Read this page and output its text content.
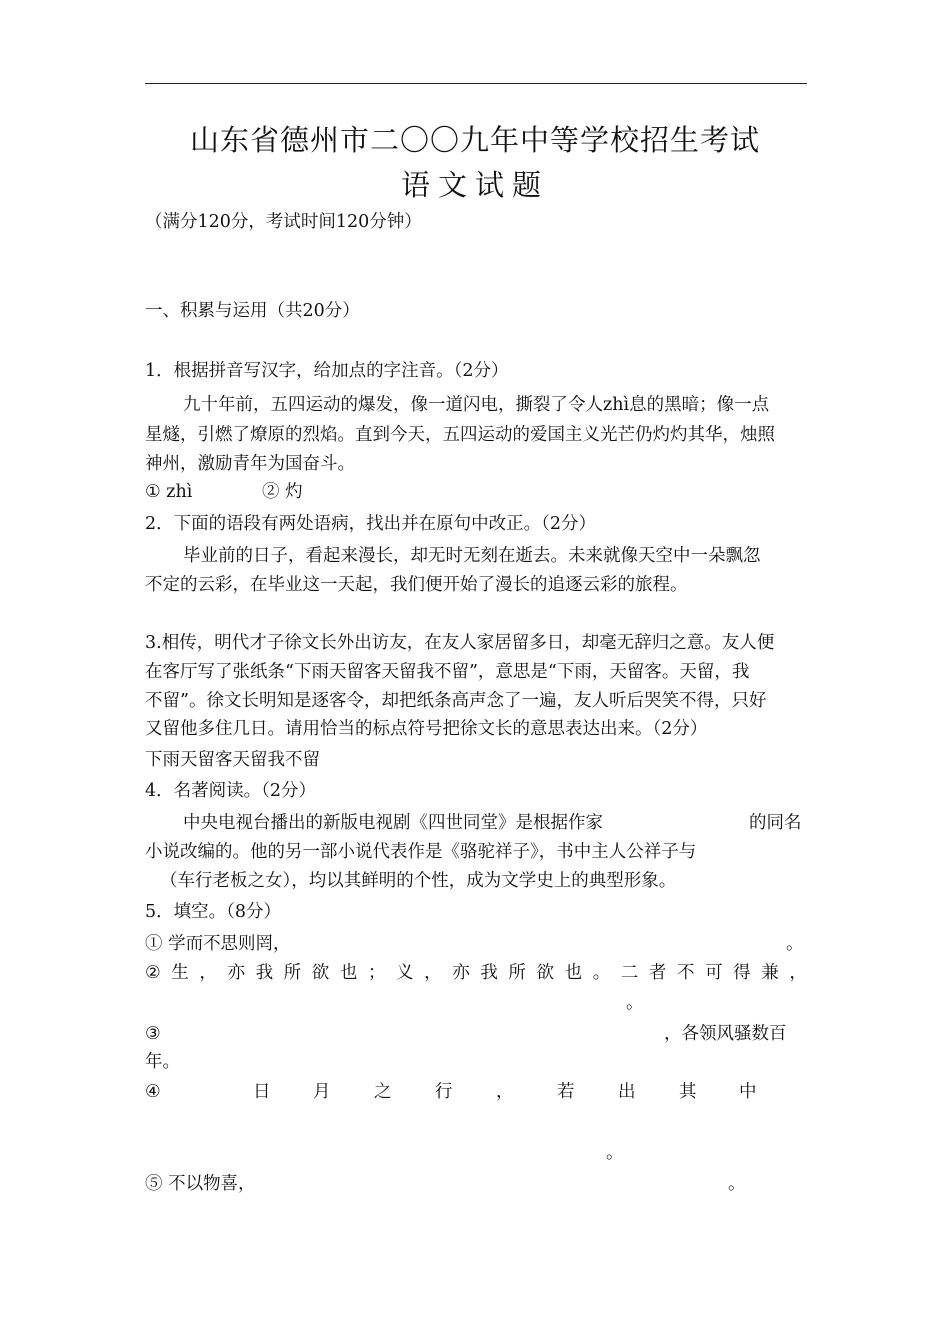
山东省德州市二〇〇九年中等学校招生考试
语文试题
（满分120分，考试时间120分钟）
一、积累与运用（共20分）
1．根据拼音写汉字，给加点的字注音。（2分）
九十年前，五四运动的爆发，像一道闪电，撕裂了令人zhì息的黑暗；像一点
星燧，引燃了燎原的烈焰。直到今天，五四运动的爱国主义光芒仍灼灼其华，烛照
神州，激励青年为国奋斗。
① zhì	② 灼
2．下面的语段有两处语病，找出并在原句中改正。（2分）
毕业前的日子，看起来漫长，却无时无刻在逝去。未来就像天空中一朵飘忽
不定的云彩，在毕业这一天起，我们便开始了漫长的追逐云彩的旅程。
3.相传，明代才子徐文长外出访友，在友人家居留多日，却毫无辞归之意。友人便
在客厅写了张纸条“下雨天留客天留我不留”，意思是“下雨，天留客。天留，我
不留”。徐文长明知是逐客令，却把纸条高声念了一遍，友人听后哭笑不得，只好
又留他多住几日。请用恰当的标点符号把徐文长的意思表达出来。（2分）
下雨天留客天留我不留
4．名著阅读。（2分）
中央电视台播出的新版电视剧《四世同堂》是根据作家	的同名
小说改编的。他的另一部小说代表作是《骆驼祥子》，书中主人公祥子与
（车行老板之女），均以其鲜明的个性，成为文学史上的典型形象。
5．填空。（8分）
① 学而不思则罔，	。
② 生 ， 亦 我 所 欲 也 ； 义 ， 亦 我 所 欲 也 。 二 者 不 可 得 兼 ，
。
③	，各领风骚数百
年。
④	日 月 之 行 ， 若 出 其 中
。
⑤ 不以物喜，	。
